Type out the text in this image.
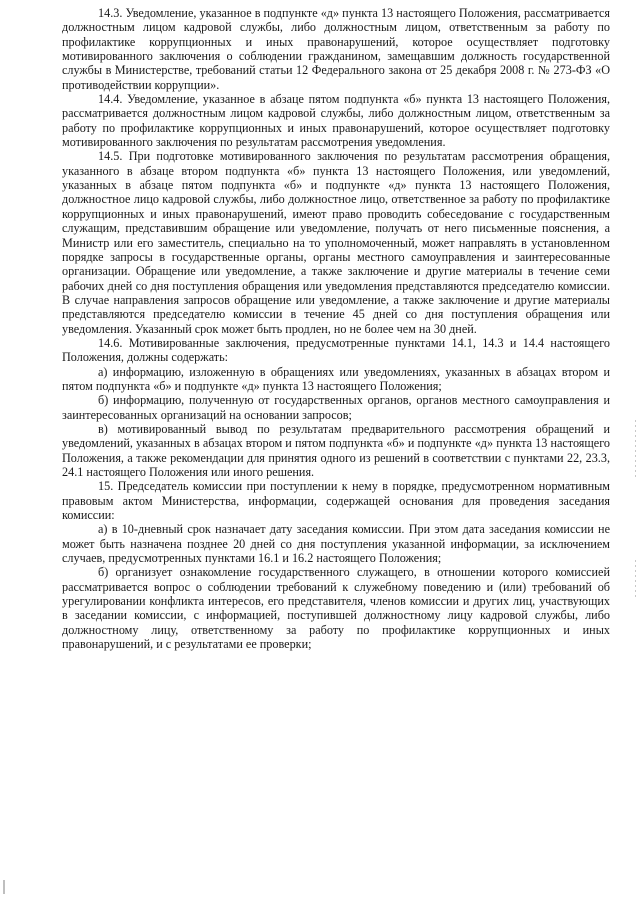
14.3. Уведомление, указанное в подпункте «д» пункта 13 настоящего Положения, рассматривается должностным лицом кадровой службы, либо должностным лицом, ответственным за работу по профилактике коррупционных и иных правонарушений, которое осуществляет подготовку мотивированного заключения о соблюдении гражданином, замещавшим должность государственной службы в Министерстве, требований статьи 12 Федерального закона от 25 декабря 2008 г. № 273-ФЗ «О противодействии коррупции».

14.4. Уведомление, указанное в абзаце пятом подпункта «б» пункта 13 настоящего Положения, рассматривается должностным лицом кадровой службы, либо должностным лицом, ответственным за работу по профилактике коррупционных и иных правонарушений, которое осуществляет подготовку мотивированного заключения по результатам рассмотрения уведомления.

14.5. При подготовке мотивированного заключения по результатам рассмотрения обращения, указанного в абзаце втором подпункта «б» пункта 13 настоящего Положения, или уведомлений, указанных в абзаце пятом подпункта «б» и подпункте «д» пункта 13 настоящего Положения, должностное лицо кадровой службы, либо должностное лицо, ответственное за работу по профилактике коррупционных и иных правонарушений, имеют право проводить собеседование с государственным служащим, представившим обращение или уведомление, получать от него письменные пояснения, а Министр или его заместитель, специально на то уполномоченный, может направлять в установленном порядке запросы в государственные органы, органы местного самоуправления и заинтересованные организации. Обращение или уведомление, а также заключение и другие материалы в течение семи рабочих дней со дня поступления обращения или уведомления представляются председателю комиссии. В случае направления запросов обращение или уведомление, а также заключение и другие материалы представляются председателю комиссии в течение 45 дней со дня поступления обращения или уведомления. Указанный срок может быть продлен, но не более чем на 30 дней.

14.6. Мотивированные заключения, предусмотренные пунктами 14.1, 14.3 и 14.4 настоящего Положения, должны содержать:

а) информацию, изложенную в обращениях или уведомлениях, указанных в абзацах втором и пятом подпункта «б» и подпункте «д» пункта 13 настоящего Положения;

б) информацию, полученную от государственных органов, органов местного самоуправления и заинтересованных организаций на основании запросов;

в) мотивированный вывод по результатам предварительного рассмотрения обращений и уведомлений, указанных в абзацах втором и пятом подпункта «б» и подпункте «д» пункта 13 настоящего Положения, а также рекомендации для принятия одного из решений в соответствии с пунктами 22, 23.3, 24.1 настоящего Положения или иного решения.

15. Председатель комиссии при поступлении к нему в порядке, предусмотренном нормативным правовым актом Министерства, информации, содержащей основания для проведения заседания комиссии:

а) в 10-дневный срок назначает дату заседания комиссии. При этом дата заседания комиссии не может быть назначена позднее 20 дней со дня поступления указанной информации, за исключением случаев, предусмотренных пунктами 16.1 и 16.2 настоящего Положения;

б) организует ознакомление государственного служащего, в отношении которого комиссией рассматривается вопрос о соблюдении требований к служебному поведению и (или) требований об урегулировании конфликта интересов, его представителя, членов комиссии и других лиц, участвующих в заседании комиссии, с информацией, поступившей должностному лицу кадровой службы, либо должностному лицу, ответственному за работу по профилактике коррупционных и иных правонарушений, и с результатами ее проверки;
